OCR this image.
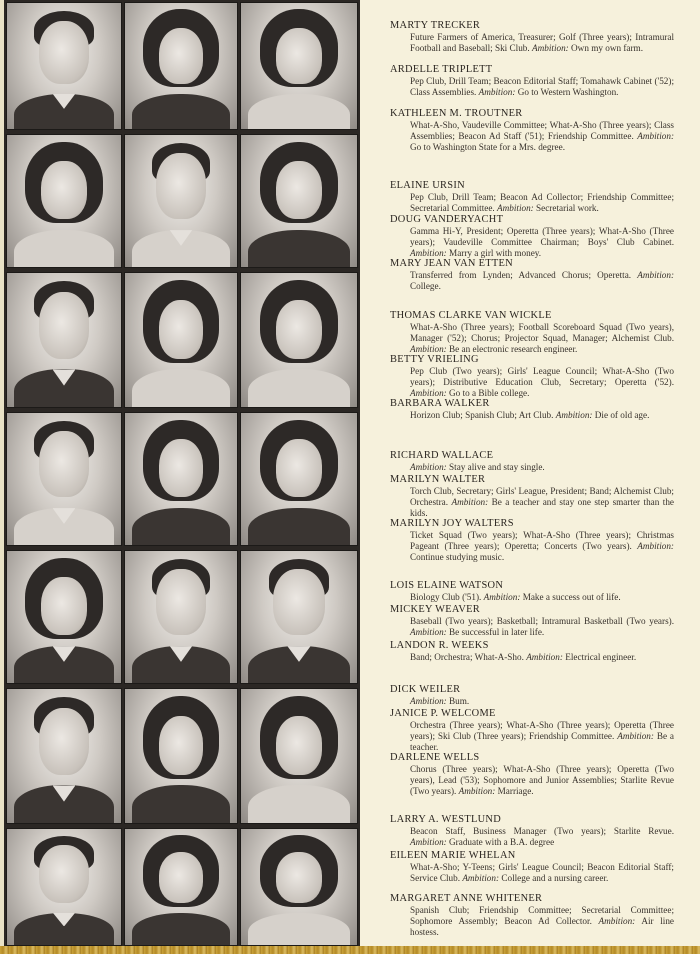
MARTY TRECKER
Future Farmers of America, Treasurer; Golf (Three years); Intramural Football and Baseball; Ski Club. Ambition: Own my own farm.
ARDELLE TRIPLETT
Pep Club, Drill Team; Beacon Editorial Staff; Tomahawk Cabinet ('52); Class Assemblies. Ambition: Go to Western Washington.
KATHLEEN M. TROUTNER
What-A-Sho, Vaudeville Committee; What-A-Sho (Three years); Class Assemblies; Beacon Ad Staff ('51); Friendship Committee. Ambition: Go to Washington State for a Mrs. degree.
ELAINE URSIN
Pep Club, Drill Team; Beacon Ad Collector; Friendship Committee; Secretarial Committee. Ambition: Secretarial work.
DOUG VANDERYACHT
Gamma Hi-Y, President; Operetta (Three years); What-A-Sho (Three years); Vaudeville Committee Chairman; Boys' Club Cabinet. Ambition: Marry a girl with money.
MARY JEAN VAN ETTEN
Transferred from Lynden; Advanced Chorus; Operetta. Ambition: College.
THOMAS CLARKE VAN WICKLE
What-A-Sho (Three years); Football Scoreboard Squad (Two years), Manager ('52); Chorus; Projector Squad, Manager; Alchemist Club. Ambition: Be an electronic research engineer.
BETTY VRIELING
Pep Club (Two years); Girls' League Council; What-A-Sho (Two years); Distributive Education Club, Secretary; Operetta ('52). Ambition: Go to a Bible college.
BARBARA WALKER
Horizon Club; Spanish Club; Art Club. Ambition: Die of old age.
RICHARD WALLACE
Ambition: Stay alive and stay single.
MARILYN WALTER
Torch Club, Secretary; Girls' League, President; Band; Alchemist Club; Orchestra. Ambition: Be a teacher and stay one step smarter than the kids.
MARILYN JOY WALTERS
Ticket Squad (Two years); What-A-Sho (Three years); Christmas Pageant (Three years); Operetta; Concerts (Two years). Ambition: Continue studying music.
LOIS ELAINE WATSON
Biology Club ('51). Ambition: Make a success out of life.
MICKEY WEAVER
Baseball (Two years); Basketball; Intramural Basketball (Two years). Ambition: Be successful in later life.
LANDON R. WEEKS
Band; Orchestra; What-A-Sho. Ambition: Electrical engineer.
DICK WEILER
Ambition: Bum.
JANICE P. WELCOME
Orchestra (Three years); What-A-Sho (Three years); Operetta (Three years); Ski Club (Three years); Friendship Committee. Ambition: Be a teacher.
DARLENE WELLS
Chorus (Three years); What-A-Sho (Three years); Operetta (Two years), Lead ('53); Sophomore and Junior Assemblies; Starlite Revue (Two years). Ambition: Marriage.
LARRY A. WESTLUND
Beacon Staff, Business Manager (Two years); Starlite Revue. Ambition: Graduate with a B.A. degree
EILEEN MARIE WHELAN
What-A-Sho; Y-Teens; Girls' League Council; Beacon Editorial Staff; Service Club. Ambition: College and a nursing career.
MARGARET ANNE WHITENER
Spanish Club; Friendship Committee; Secretarial Committee; Sophomore Assembly; Beacon Ad Collector. Ambition: Air line hostess.
